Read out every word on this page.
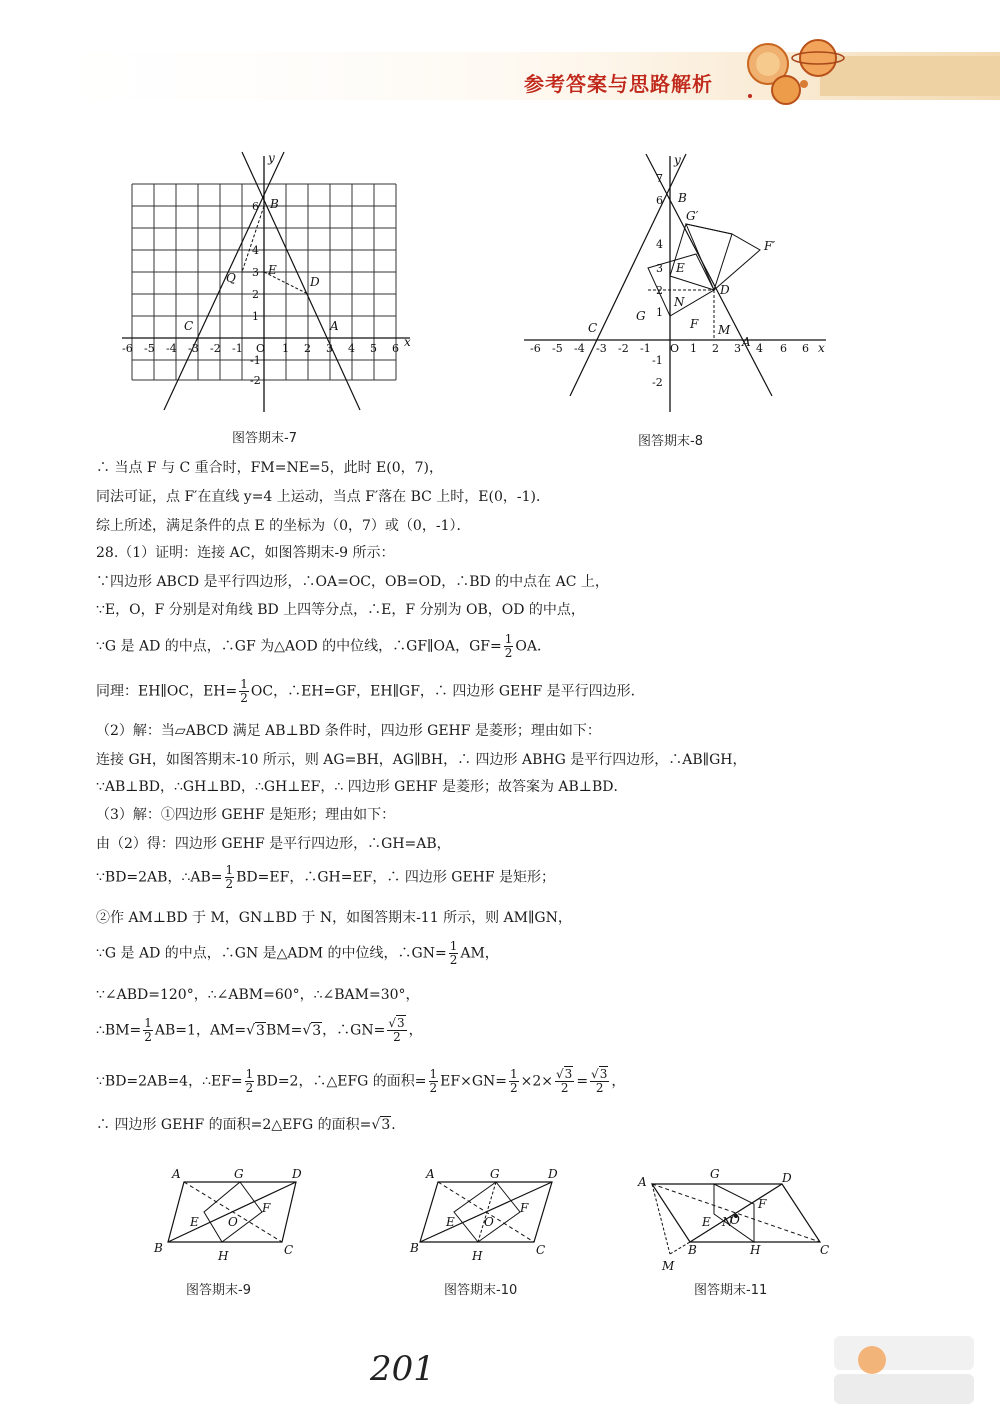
参考答案与思路解析
y
x
B
Q
E
D
C	A
6
4
3
2
1
O
-1
-2
-6 -5 -4 -3 -2 -1	1 2 3 4 5 6
图答期末-7
y
x
B
G′
F′
E
D
N
G
F M
A
C
7
6
4
3
2
1
O
-1
-2
-6 -5 -4 -3 -2 -1	1 2 3 4 6 6
图答期末-8
∴ 当点 F 与 C 重合时，FM=NE=5，此时 E(0，7)，
同法可证，点 F′在直线 y=4 上运动，当点 F′落在 BC 上时，E(0，-1)．
综上所述，满足条件的点 E 的坐标为（0，7）或（0，-1）．
28.（1）证明：连接 AC，如图答期末-9 所示：
∵四边形 ABCD 是平行四边形，∴OA=OC，OB=OD，∴BD 的中点在 AC 上，
∵E，O，F 分别是对角线 BD 上四等分点，∴E，F 分别为 OB，OD 的中点，
∵G 是 AD 的中点，∴GF 为△AOD 的中位线，∴GF∥OA，$GF= \frac{1}{2}$ OA．
同理：EH∥OC，$EH= \frac{1}{2}$ OC，∴EH=GF，EH∥GF，∴ 四边形 GEHF 是平行四边形．
（2）解：当▱ABCD 满足 AB⊥BD 条件时，四边形 GEHF 是菱形；理由如下：
连接 GH，如图答期末-10 所示，则 AG=BH，AG∥BH，∴ 四边形 ABHG 是平行四边形，∴AB∥GH，
∵AB⊥BD，∴GH⊥BD，∴GH⊥EF，∴ 四边形 GEHF 是菱形；故答案为 AB⊥BD．
（3）解：①四边形 GEHF 是矩形；理由如下：
由（2）得：四边形 GEHF 是平行四边形，∴GH=AB，
∵BD=2AB，∴AB= $\frac{1}{2} BD=EF$，∴GH=EF，∴ 四边形 GEHF 是矩形；
②作 AM⊥BD 于 M，GN⊥BD 于 N，如图答期末-11 所示，则 AM∥GN，
∵G 是 AD 的中点，∴GN 是△ADM 的中位线，∴GN= $\frac{1}{2}$ AM，
∵∠ABD=120°，∴∠ABM=60°，∴∠BAM=30°，
∴BM= $\frac{1}{2} AB=1$，AM=√3BM=√3，∴GN= $\frac{√3}{2}$ ，
∵BD=2AB=4，∴EF= $\frac{1}{2} BD=2$，∴△EFG 的面积= $\frac{1}{2} EF\times GN= \frac{1}{2} \times 2\times \frac{√3}{2} = \frac{√3}{2}$ ，
∴ 四边形 GEHF 的面积=2△EFG 的面积=√3．
A	G	D
E O
F
B
H	C
图答期末-9
A	G	D
E O
F
B
H	C
图答期末-10
A
G	D
E N
O
F
B	H	C
M
图答期末-11
201
